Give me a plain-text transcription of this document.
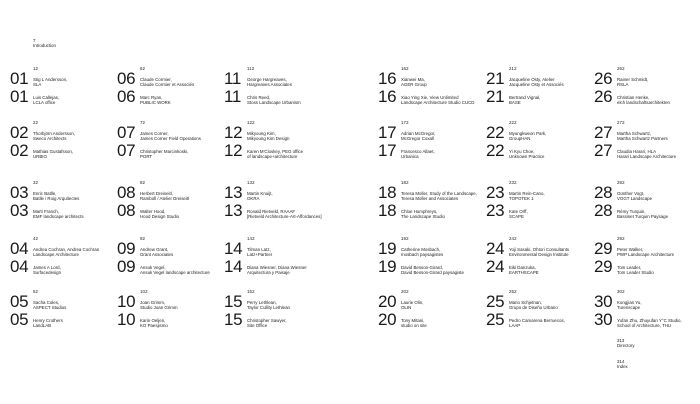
7
Introduction
12
01
01
Stig L Andersson,
SLA
Luis Callejas,
LCLA office
22
02
02
Thorbjörn Andersson,
Sweco Architects
Mathias Gustafsson,
URBIO
32
03
03
Enric Batlle,
Batlle i Roig Arquitectes
Marti Franch,
EMF landscape architects
42
04
04
Andrea Cochran, Andrea Cochran
Landscape Architecture
James A Lord,
Surfacedesign
52
05
05
Sacha Coles,
ASPECT Studios
Henry Crothers
LandLAB
62
06
06
Claude Cormier,
Claude Cormier et Associés
Marc Ryan,
PUBLIC WORK
72
07
07
James Corner,
James Corner Field Operations
Christopher Marcinkoski,
PORT
82
08
08
Herbert Dreiseitl,
Ramboll / Atelier Dreiseitl
Walter Hood,
Hood Design Studio
92
09
09
Andrew Grant,
Grant Associates
Ansuk Vegel,
Ansuk Vegel landscape architecture
102
10
10
Joan Grimm,
Studio Joan Grimm
Karin Oeljen,
KO Paesjismo
112
11
11
George Hargreaves,
Hargreaves Associates
Chris Reed,
Stoss Landscape Urbanism
122
12
12
Mikyoung Kim,
Mikyoung Kim Design
Karen M'Closkey, PEG office
of landscape+architecture
132
13
13
Martin Knuijt,
OKRA
Ronald Rietveld, RAAAF
[Rietveld Architecture-Art-Affordances]
142
14
14
Tilman Latz,
Latz+Partner
Diana Wiesner, Diana Wiesner
Arquitectura y Paisaje
152
15
15
Perry Lethlean,
Taylor Cullity Lethlean
Christopher Sawyer,
Site Office
162
16
16
Xianwei Ma,
AGER Group
Xiao Ying Xie, View Unlimited
Landscape Architecture Studio CUCD
172
17
17
Adrian McGregor,
McGregor Coxall
Francesco Allaet,
Urbanica
182
18
18
Teresa Moller, Study of the Landscape,
Teresa Moller and Associates
Chloe Humphreys,
The Landscape Studio
192
19
19
Catherine Mosbach,
mosbach paysagistes
David Besson-Girard,
David Besson-Girard paysagiste
202
20
20
Laurie Olin,
OLIN
Tony Mitani,
studio on site
212
21
21
Jacqueline Osty, Atelier
Jacqueline Osty et Associés
Bertrand Vignal,
BASE
222
22
22
Myungkweon Park,
GroupHAN
Yi Kyu Choe,
Unknown Practice
232
23
23
Martin Rein-Cano,
TOPOTEK 1
Kate Orff,
SCAPE
242
24
24
Yoji Sasaki, Ohtori Consultants
Environmental Design Institute
Eiki Danzuka,
EARTHSCAPE
252
25
25
Mario Schjetnan,
Grupo de Diseño Urbano
Pedro Camarena Berruecos,
LAAP
262
26
26
Rainer Schmidt,
RSLA
Christian Henke,
elch landschaftsarchitekten
272
27
27
Martha Schwartz,
Martha Schwartz Partners
Claudia Harari, HLA
Harari Landscape Architecture
282
28
28
Günther Vogt,
VOGT Landscape
Rémy Turquin,
Bassinet Turquin Paysage
292
29
29
Peter Walker,
PWP Landscape Architecture
Tom Leader,
Tom Leader Studio
302
30
30
Kongjian Yu,
Turenscape
Yufan Zhu, Zhuyufan Y°C Studio,
School of Architecture, THU
313
Directory
314
Index
